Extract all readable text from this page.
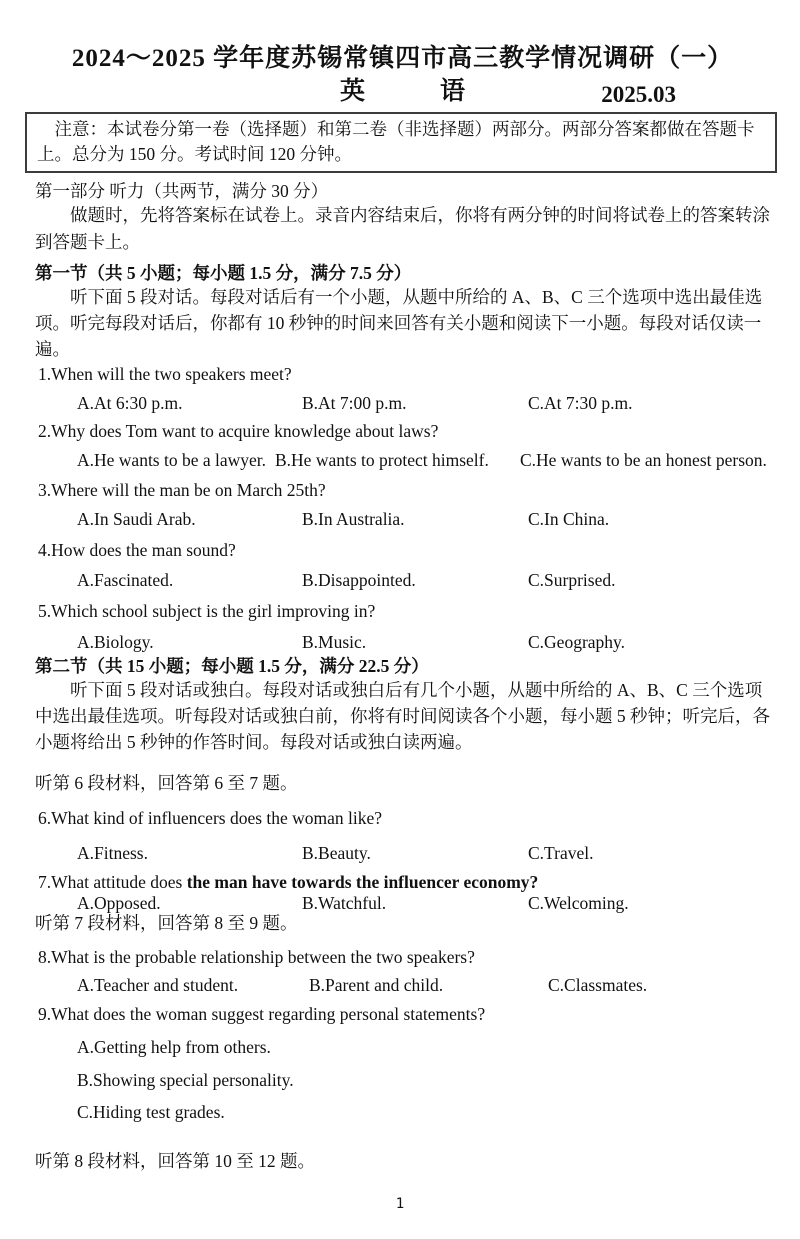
2024～2025 学年度苏锡常镇四市高三教学情况调研（一）
英　　　语	2025.03
注意：本试卷分第一卷（选择题）和第二卷（非选择题）两部分。两部分答案都做在答题卡上。总分为 150 分。考试时间 120 分钟。
第一部分 听力（共两节，满分 30 分）
做题时，先将答案标在试卷上。录音内容结束后，你将有两分钟的时间将试卷上的答案转涂到答题卡上。
第一节（共 5 小题；每小题 1.5 分，满分 7.5 分）
听下面 5 段对话。每段对话后有一个小题，从题中所给的 A、B、C 三个选项中选出最佳选项。听完每段对话后，你都有 10 秒钟的时间来回答有关小题和阅读下一小题。每段对话仅读一遍。
1.When will the two speakers meet?
A.At 6:30 p.m.	B.At 7:00 p.m.	C.At 7:30 p.m.
2.Why does Tom want to acquire knowledge about laws?
A.He wants to be a lawyer. B.He wants to protect himself.	C.He wants to be an honest person.
3.Where will the man be on March 25th?
A.In Saudi Arab.	B.In Australia.	C.In China.
4.How does the man sound?
A.Fascinated.	B.Disappointed.	C.Surprised.
5.Which school subject is the girl improving in?
A.Biology.	B.Music.	C.Geography.
第二节（共 15 小题；每小题 1.5 分，满分 22.5 分）
听下面 5 段对话或独白。每段对话或独白后有几个小题，从题中所给的 A、B、C 三个选项中选出最佳选项。听每段对话或独白前，你将有时间阅读各个小题，每小题 5 秒钟；听完后，各小题将给出 5 秒钟的作答时间。每段对话或独白读两遍。
听第 6 段材料，回答第 6 至 7 题。
6.What kind of influencers does the woman like?
A.Fitness.	B.Beauty.	C.Travel.
7.What attitude does the man have towards the influencer economy?
A.Opposed.	B.Watchful.	C.Welcoming.
听第 7 段材料，回答第 8 至 9 题。
8.What is the probable relationship between the two speakers?
A.Teacher and student.	B.Parent and child.	C.Classmates.
9.What does the woman suggest regarding personal statements?
A.Getting help from others.
B.Showing special personality.
C.Hiding test grades.
听第 8 段材料，回答第 10 至 12 题。
1
